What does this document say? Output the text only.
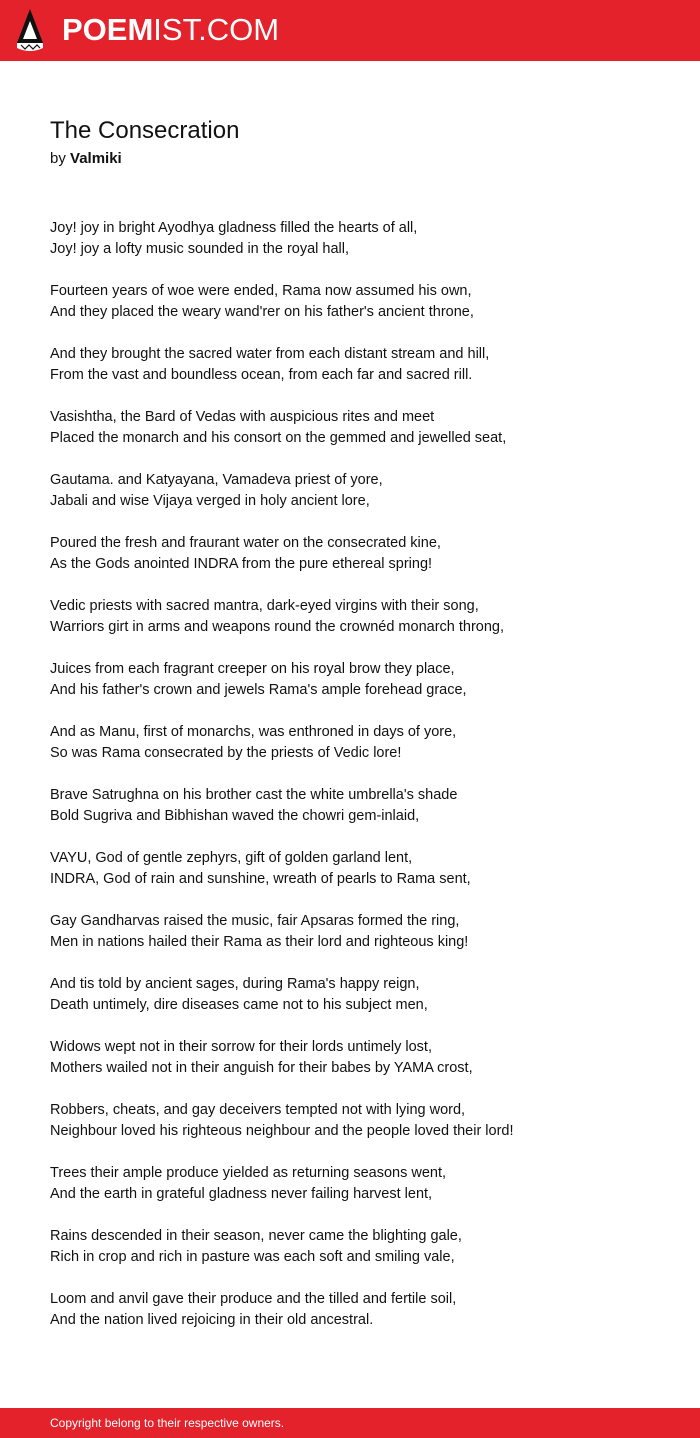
POEMIST.COM
The Consecration
by Valmiki

Joy! joy in bright Ayodhya gladness filled the hearts of all,
Joy! joy a lofty music sounded in the royal hall,

Fourteen years of woe were ended, Rama now assumed his own,
And they placed the weary wand'rer on his father's ancient throne,

And they brought the sacred water from each distant stream and hill,
From the vast and boundless ocean, from each far and sacred rill.

Vasishtha, the Bard of Vedas with auspicious rites and meet
Placed the monarch and his consort on the gemmed and jewelled seat,

Gautama. and Katyayana, Vamadeva priest of yore,
Jabali and wise Vijaya verged in holy ancient lore,

Poured the fresh and fraurant water on the consecrated kine,
As the Gods anointed INDRA from the pure ethereal spring!

Vedic priests with sacred mantra, dark-eyed virgins with their song,
Warriors girt in arms and weapons round the crownéd monarch throng,

Juices from each fragrant creeper on his royal brow they place,
And his father's crown and jewels Rama's ample forehead grace,

And as Manu, first of monarchs, was enthroned in days of yore,
So was Rama consecrated by the priests of Vedic lore!

Brave Satrughna on his brother cast the white umbrella's shade
Bold Sugriva and Bibhishan waved the chowri gem-inlaid,

VAYU, God of gentle zephyrs, gift of golden garland lent,
INDRA, God of rain and sunshine, wreath of pearls to Rama sent,

Gay Gandharvas raised the music, fair Apsaras formed the ring,
Men in nations hailed their Rama as their lord and righteous king!

And tis told by ancient sages, during Rama's happy reign,
Death untimely, dire diseases came not to his subject men,

Widows wept not in their sorrow for their lords untimely lost,
Mothers wailed not in their anguish for their babes by YAMA crost,

Robbers, cheats, and gay deceivers tempted not with lying word,
Neighbour loved his righteous neighbour and the people loved their lord!

Trees their ample produce yielded as returning seasons went,
And the earth in grateful gladness never failing harvest lent,

Rains descended in their season, never came the blighting gale,
Rich in crop and rich in pasture was each soft and smiling vale,

Loom and anvil gave their produce and the tilled and fertile soil,
And the nation lived rejoicing in their old ancestral.

Copyright belong to their respective owners.
